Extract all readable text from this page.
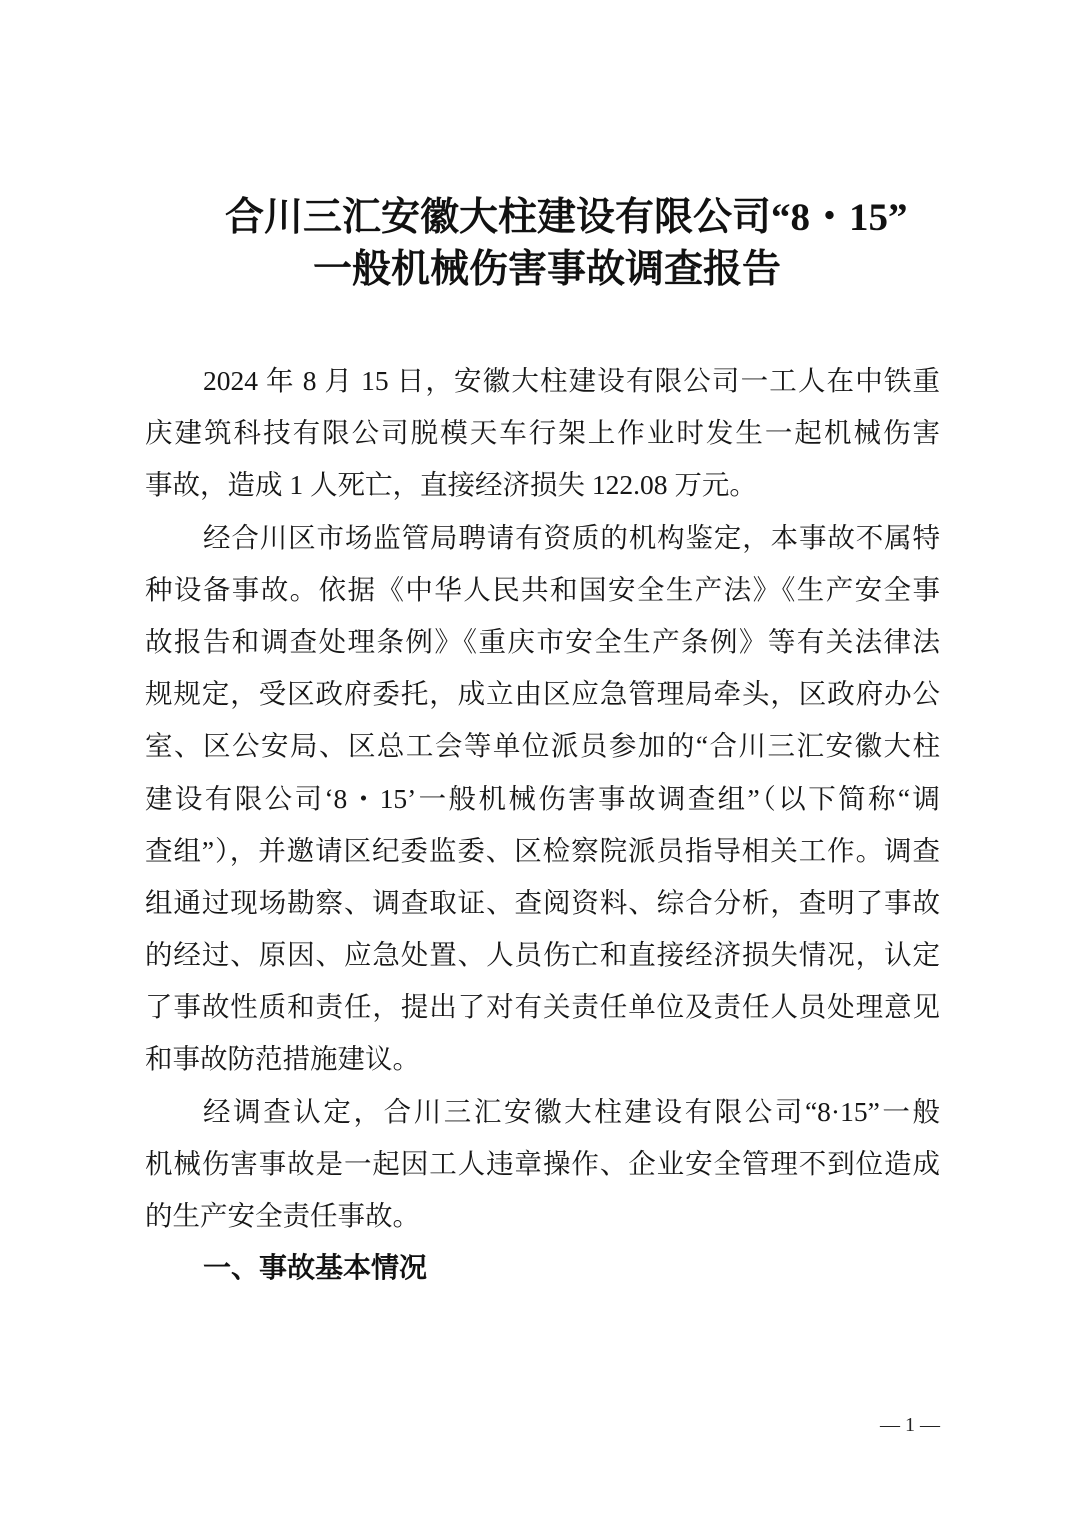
合川三汇安徽大柱建设有限公司“8・15”
一般机械伤害事故调查报告
2024 年 8 月 15 日，安徽大柱建设有限公司一工人在中铁重
庆建筑科技有限公司脱模天车行架上作业时发生一起机械伤害
事故，造成 1 人死亡，直接经济损失 122.08 万元。
经合川区市场监管局聘请有资质的机构鉴定，本事故不属特
种设备事故。依据《中华人民共和国安全生产法》《生产安全事
故报告和调查处理条例》《重庆市安全生产条例》等有关法律法
规规定，受区政府委托，成立由区应急管理局牵头，区政府办公
室、区公安局、区总工会等单位派员参加的“合川三汇安徽大柱
建设有限公司‘8・15’一般机械伤害事故调查组”（以下简称“调
查组”），并邀请区纪委监委、区检察院派员指导相关工作。调查
组通过现场勘察、调查取证、查阅资料、综合分析，查明了事故
的经过、原因、应急处置、人员伤亡和直接经济损失情况，认定
了事故性质和责任，提出了对有关责任单位及责任人员处理意见
和事故防范措施建议。
经调查认定，合川三汇安徽大柱建设有限公司“8·15”一般
机械伤害事故是一起因工人违章操作、企业安全管理不到位造成
的生产安全责任事故。
一、事故基本情况
— 1 —
